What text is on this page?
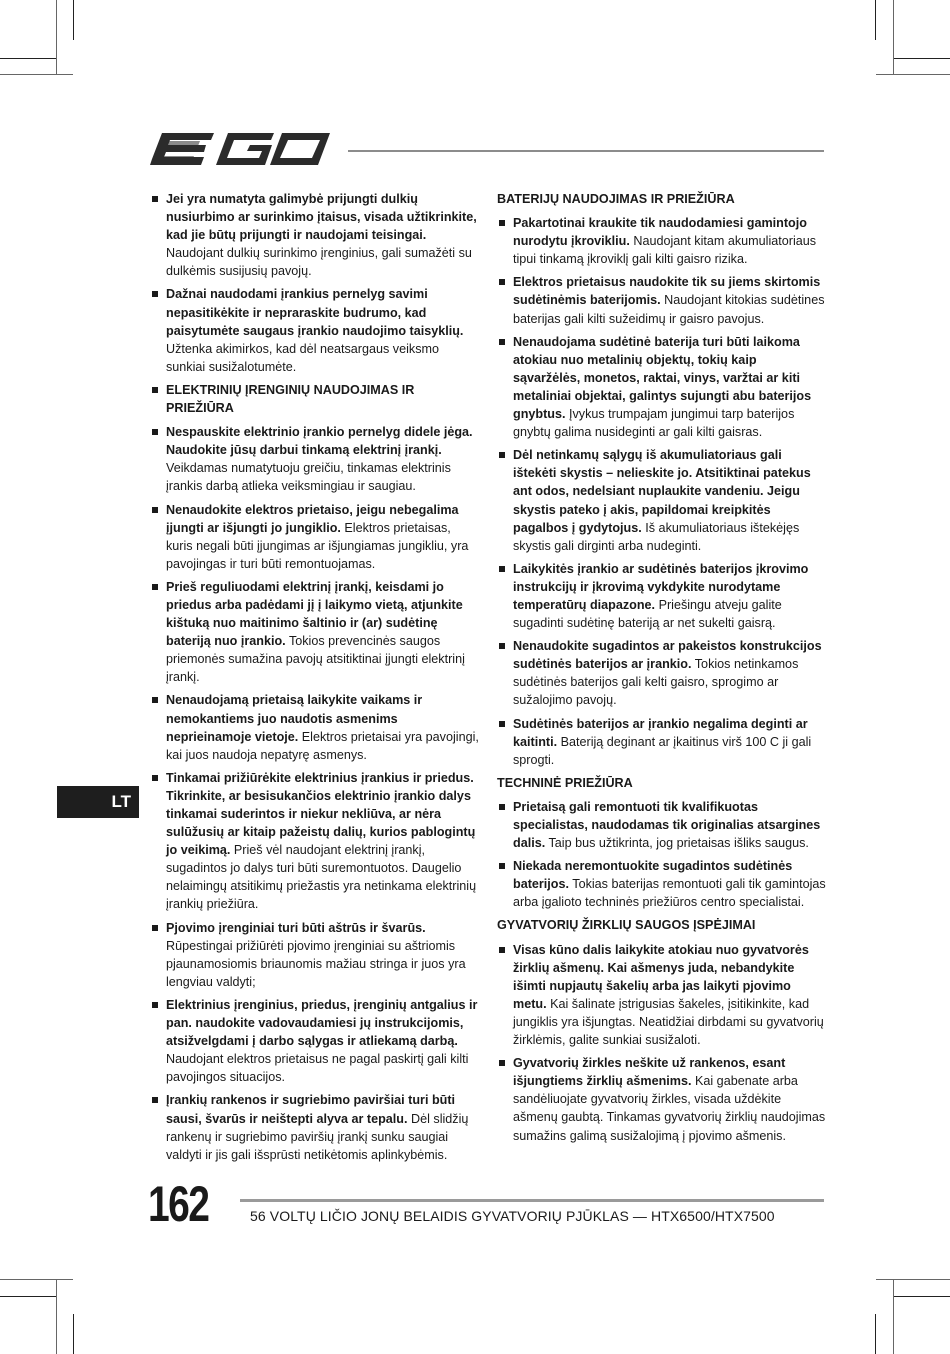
Jei yra numatyta galimybė prijungti dulkių nusiurbimo ar surinkimo įtaisus, visada užtikrinkite, kad jie būtų prijungti ir naudojami teisingai. Naudojant dulkių surinkimo įrenginius, gali sumažėti su dulkėmis susijusių pavojų.
Dažnai naudodami įrankius pernelyg savimi nepasitikėkite ir nepraraskite budrumo, kad paisytumėte saugaus įrankio naudojimo taisyklių. Užtenka akimirkos, kad dėl neatsargaus veiksmo sunkiai susižalotumėte.
ELEKTRINIŲ ĮRENGINIŲ NAUDOJIMAS IR PRIEŽIŪRA
Nespauskite elektrinio įrankio pernelyg didele jėga. Naudokite jūsų darbui tinkamą elektrinį įrankį. Veikdamas numatytuoju greičiu, tinkamas elektrinis įrankis darbą atlieka veiksmingiau ir saugiau.
Nenaudokite elektros prietaiso, jeigu nebegalima įjungti ar išjungti jo jungiklio. Elektros prietaisas, kuris negali būti įjungimas ar išjungiamas jungikliu, yra pavojingas ir turi būti remontuojamas.
Prieš reguliuodami elektrinį įrankį, keisdami jo priedus arba padėdami jį į laikymo vietą, atjunkite kištuką nuo maitinimo šaltinio ir (ar) sudėtinę bateriją nuo įrankio. Tokios prevencinės saugos priemonės sumažina pavojų atsitiktinai įjungti elektrinį įrankį.
Nenaudojamą prietaisą laikykite vaikams ir nemokantiems juo naudotis asmenims neprieinamoje vietoje. Elektros prietaisai yra pavojingi, kai juos naudoja nepatyrę asmenys.
Tinkamai prižiūrėkite elektrinius įrankius ir priedus. Tikrinkite, ar besisukančios elektrinio įrankio dalys tinkamai suderintos ir niekur nekliūva, ar nėra sulūžusių ar kitaip pažeistų dalių, kurios pablogintų jo veikimą. Prieš vėl naudojant elektrinį įrankį, sugadintos jo dalys turi būti suremontuotos. Daugelio nelaimingų atsitikimų priežastis yra netinkama elektrinių įrankių priežiūra.
Pjovimo įrenginiai turi būti aštrūs ir švarūs. Rūpestingai prižiūrėti pjovimo įrenginiai su aštriomis pjaunamosiomis briaunomis mažiau stringa ir juos yra lengviau valdyti;
Elektrinius įrenginius, priedus, įrenginių antgalius ir pan. naudokite vadovaudamiesi jų instrukcijomis, atsižvelgdami į darbo sąlygas ir atliekamą darbą. Naudojant elektros prietaisus ne pagal paskirtį gali kilti pavojingos situacijos.
Įrankių rankenos ir sugriebimo paviršiai turi būti sausi, švarūs ir neištepti alyva ar tepalu. Dėl slidžių rankenų ir sugriebimo paviršių įrankį sunku saugiai valdyti ir jis gali išsprūsti netikėtomis aplinkybėmis.
BATERIJŲ NAUDOJIMAS IR PRIEŽIŪRA
Pakartotinai kraukite tik naudodamiesi gamintojo nurodytu įkrovikliu. Naudojant kitam akumuliatoriaus tipui tinkamą įkroviklį gali kilti gaisro rizika.
Elektros prietaisus naudokite tik su jiems skirtomis sudėtinėmis baterijomis. Naudojant kitokias sudėtines baterijas gali kilti sužeidimų ir gaisro pavojus.
Nenaudojama sudėtinė baterija turi būti laikoma atokiau nuo metalinių objektų, tokių kaip sąvaržėlės, monetos, raktai, vinys, varžtai ar kiti metaliniai objektai, galintys sujungti abu baterijos gnybtus. Įvykus trumpajam jungimui tarp baterijos gnybtų galima nusideginti ar gali kilti gaisras.
Dėl netinkamų sąlygų iš akumuliatoriaus gali ištekėti skystis – nelieskite jo. Atsitiktinai patekus ant odos, nedelsiant nuplaukite vandeniu. Jeigu skystis pateko į akis, papildomai kreipkitės pagalbos į gydytojus. Iš akumuliatoriaus ištekėjęs skystis gali dirginti arba nudeginti.
Laikykitės įrankio ar sudėtinės baterijos įkrovimo instrukcijų ir įkrovimą vykdykite nurodytame temperatūrų diapazone. Priešingu atveju galite sugadinti sudėtinę bateriją ar net sukelti gaisrą.
Nenaudokite sugadintos ar pakeistos konstrukcijos sudėtinės baterijos ar įrankio. Tokios netinkamos sudėtinės baterijos gali kelti gaisro, sprogimo ar sužalojimo pavojų.
Sudėtinės baterijos ar įrankio negalima deginti ar kaitinti. Bateriją deginant ar įkaitinus virš 100 C ji gali sprogti.
TECHNINĖ PRIEŽIŪRA
Prietaisą gali remontuoti tik kvalifikuotas specialistas, naudodamas tik originalias atsargines dalis. Taip bus užtikrinta, jog prietaisas išliks saugus.
Niekada neremontuokite sugadintos sudėtinės baterijos. Tokias baterijas remontuoti gali tik gamintojas arba įgalioto techninės priežiūros centro specialistai.
GYVATVORIŲ ŽIRKLIŲ SAUGOS ĮSPĖJIMAI
Visas kūno dalis laikykite atokiau nuo gyvatvorės žirklių ašmenų. Kai ašmenys juda, nebandykite išimti nupjautų šakelių arba jas laikyti pjovimo metu. Kai šalinate įstrigusias šakeles, įsitikinkite, kad jungiklis yra išjungtas. Neatidžiai dirbdami su gyvatvorių žirklėmis, galite sunkiai susižaloti.
Gyvatvorių žirkles neškite už rankenos, esant išjungtiems žirklių ašmenims. Kai gabenate arba sandėliuojate gyvatvorių žirkles, visada uždėkite ašmenų gaubtą. Tinkamas gyvatvorių žirklių naudojimas sumažins galimą susižalojimą į pjovimo ašmenis.
LT
162	56 VOLTŲ LIČIO JONŲ BELAIDIS GYVATVORIŲ PJŪKLAS — HTX6500/HTX7500
